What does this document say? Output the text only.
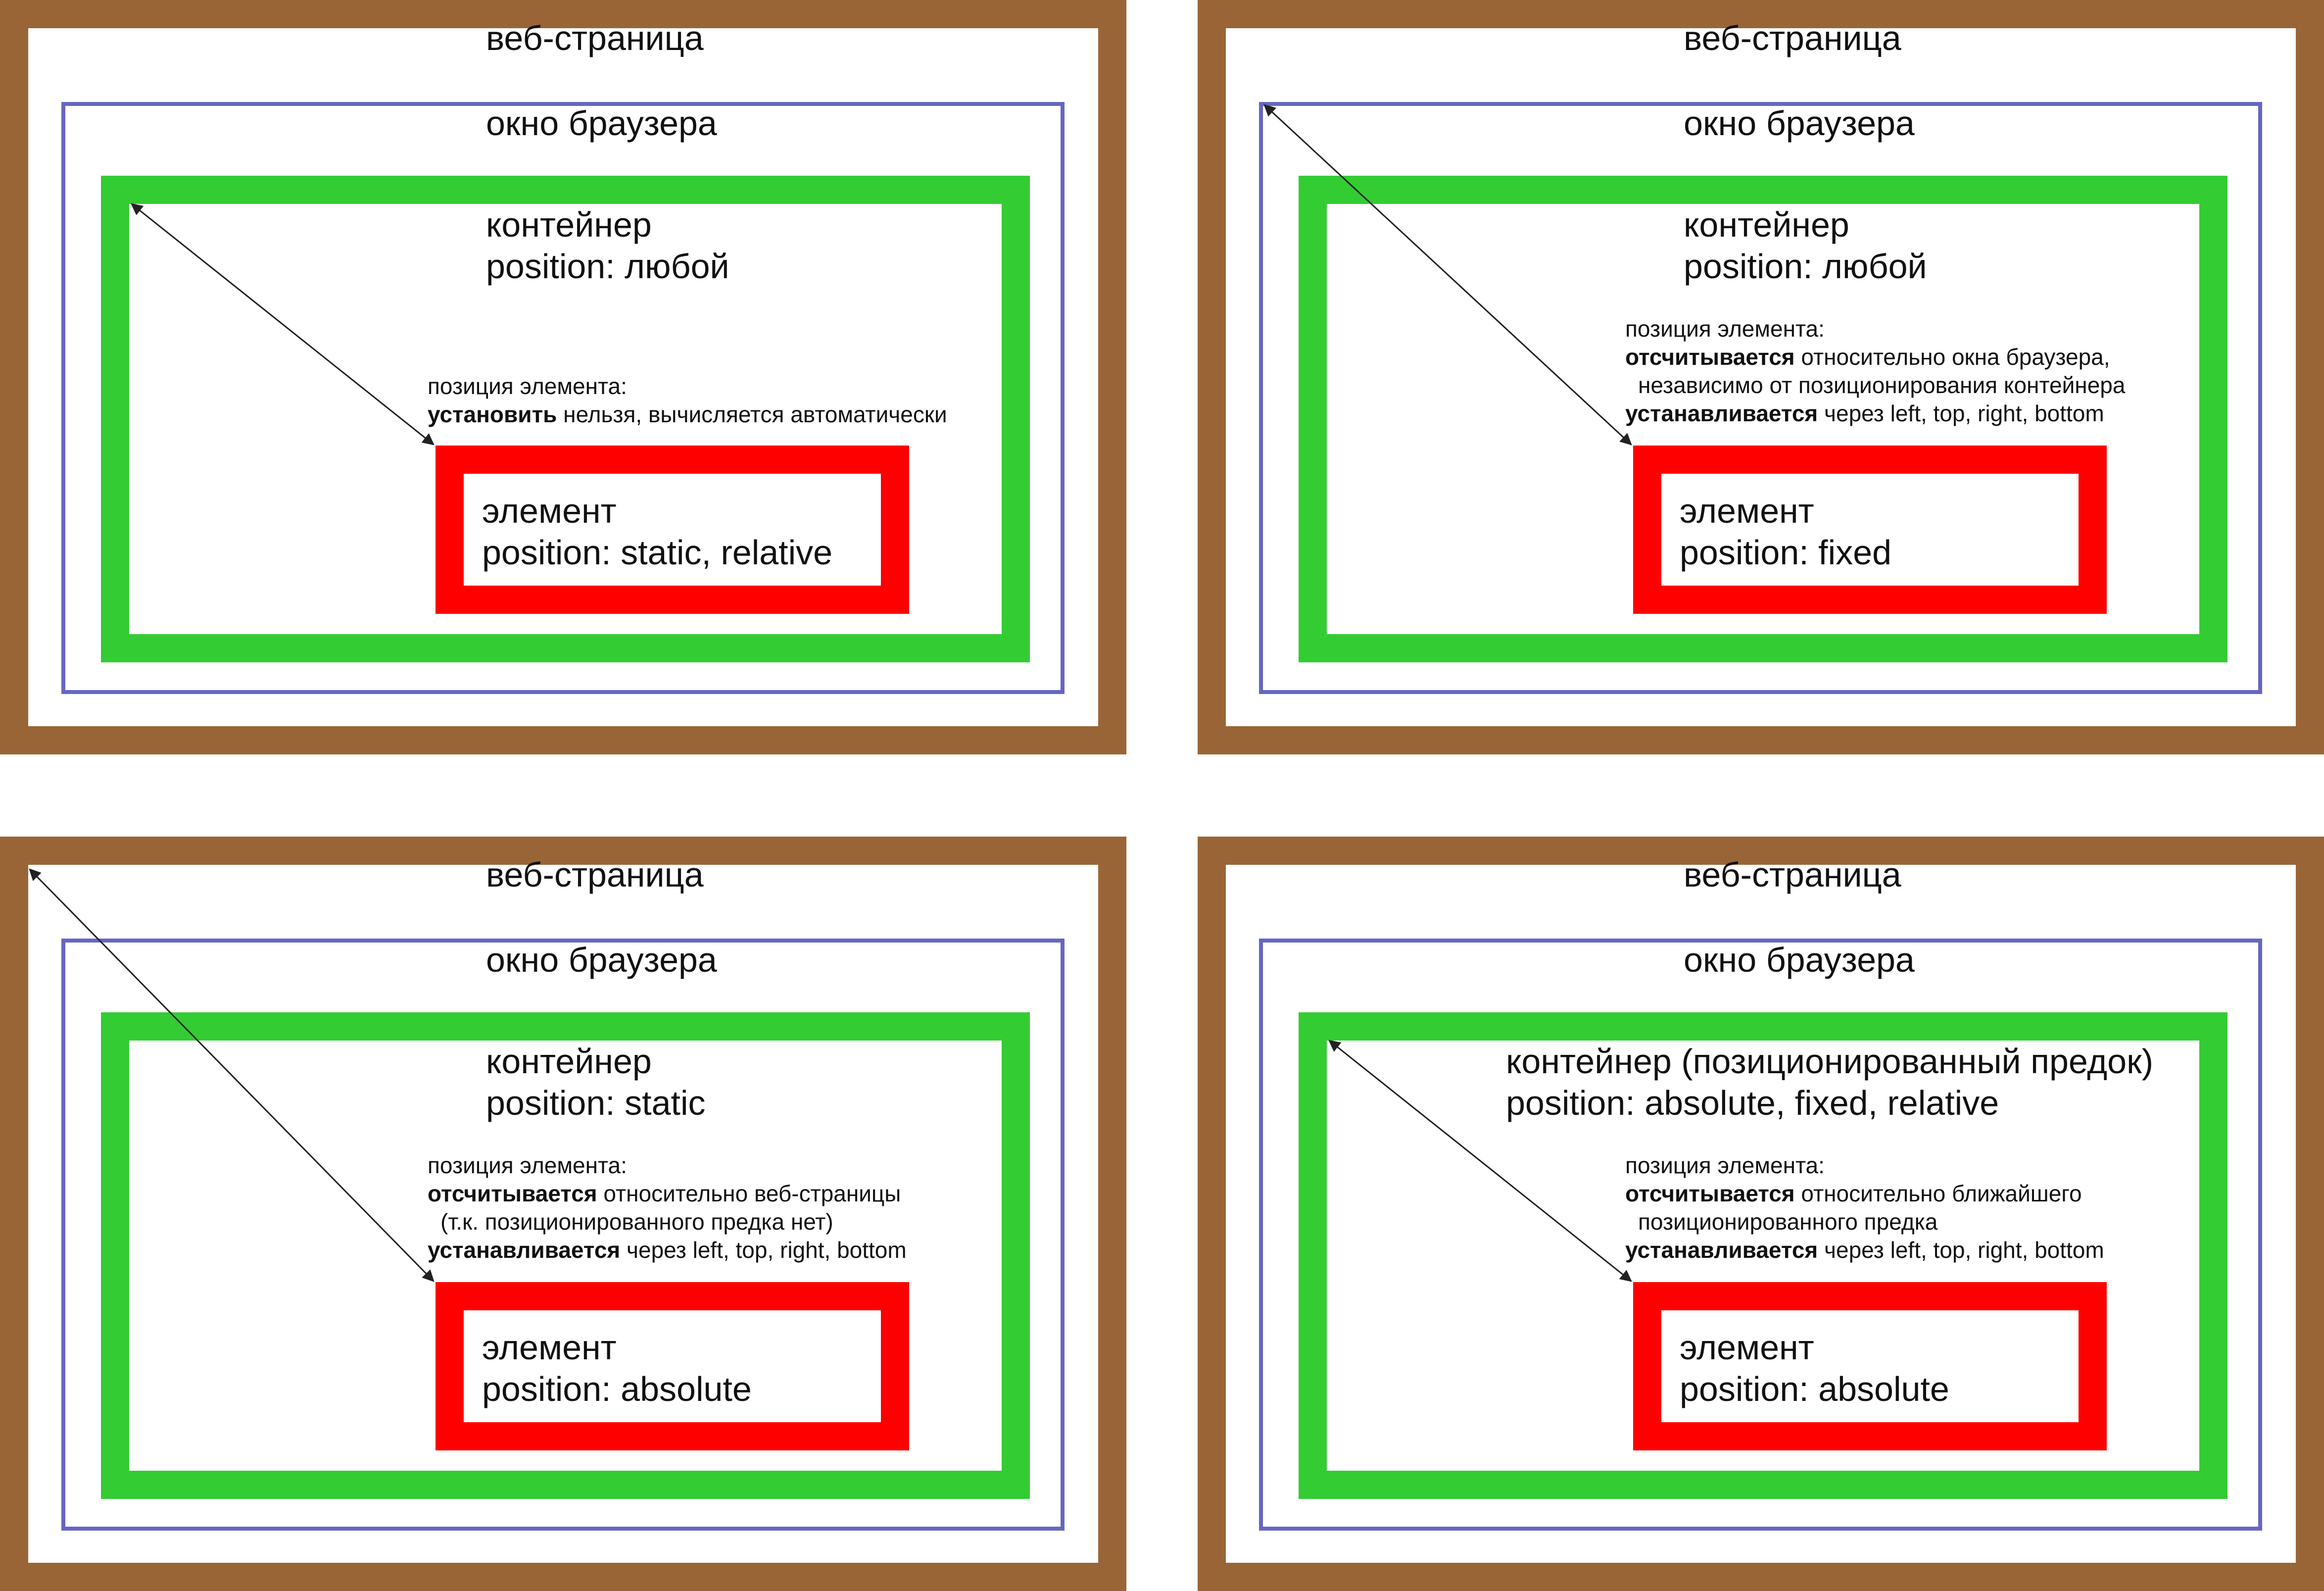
веб-страница
окно браузера
контейнер
position: любой
позиция элемента:
установить нельзя, вычисляется автоматически
элемент
position: static, relative
веб-страница
окно браузера
контейнер
position: любой
позиция элемента:
отсчитывается относительно окна браузера,
независимо от позиционирования контейнера
устанавливается через left, top, right, bottom
элемент
position: fixed
веб-страница
окно браузера
контейнер
position: static
позиция элемента:
отсчитывается относительно веб-страницы
(т.к. позиционированного предка нет)
устанавливается через left, top, right, bottom
элемент
position: absolute
веб-страница
окно браузера
контейнер (позиционированный предок)
position: absolute, fixed, relative
позиция элемента:
отсчитывается относительно ближайшего
позиционированного предка
устанавливается через left, top, right, bottom
элемент
position: absolute
